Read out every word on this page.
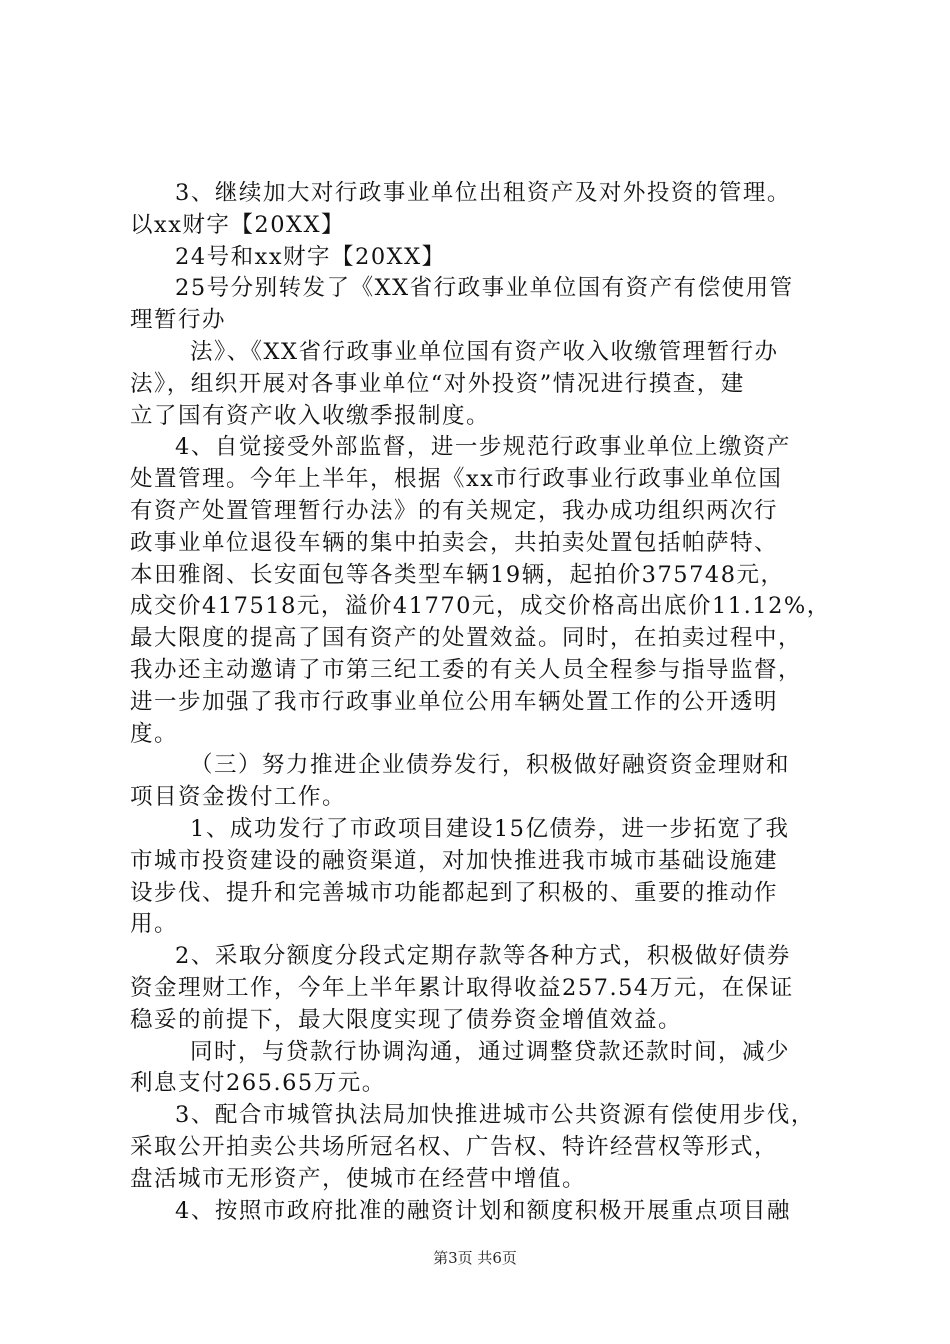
3、继续加大对行政事业单位出租资产及对外投资的管理。
以xx财字【20XX】
24号和xx财字【20XX】
25号分别转发了《XX省行政事业单位国有资产有偿使用管
理暂行办
法》、《XX省行政事业单位国有资产收入收缴管理暂行办
法》，组织开展对各事业单位“对外投资”情况进行摸查，建
立了国有资产收入收缴季报制度。
4、自觉接受外部监督，进一步规范行政事业单位上缴资产
处置管理。今年上半年，根据《xx市行政事业行政事业单位国
有资产处置管理暂行办法》的有关规定，我办成功组织两次行
政事业单位退役车辆的集中拍卖会，共拍卖处置包括帕萨特、
本田雅阁、长安面包等各类型车辆19辆，起拍价375748元，
成交价417518元，溢价41770元，成交价格高出底价11.12%，
最大限度的提高了国有资产的处置效益。同时，在拍卖过程中，
我办还主动邀请了市第三纪工委的有关人员全程参与指导监督，
进一步加强了我市行政事业单位公用车辆处置工作的公开透明
度。
（三）努力推进企业债券发行，积极做好融资资金理财和
项目资金拨付工作。
1、成功发行了市政项目建设15亿债券，进一步拓宽了我
市城市投资建设的融资渠道，对加快推进我市城市基础设施建
设步伐、提升和完善城市功能都起到了积极的、重要的推动作
用。
2、采取分额度分段式定期存款等各种方式，积极做好债券
资金理财工作，今年上半年累计取得收益257.54万元，在保证
稳妥的前提下，最大限度实现了债券资金增值效益。
同时，与贷款行协调沟通，通过调整贷款还款时间，减少
利息支付265.65万元。
3、配合市城管执法局加快推进城市公共资源有偿使用步伐，
采取公开拍卖公共场所冠名权、广告权、特许经营权等形式，
盘活城市无形资产，使城市在经营中增值。
4、按照市政府批准的融资计划和额度积极开展重点项目融
第3页 共6页
